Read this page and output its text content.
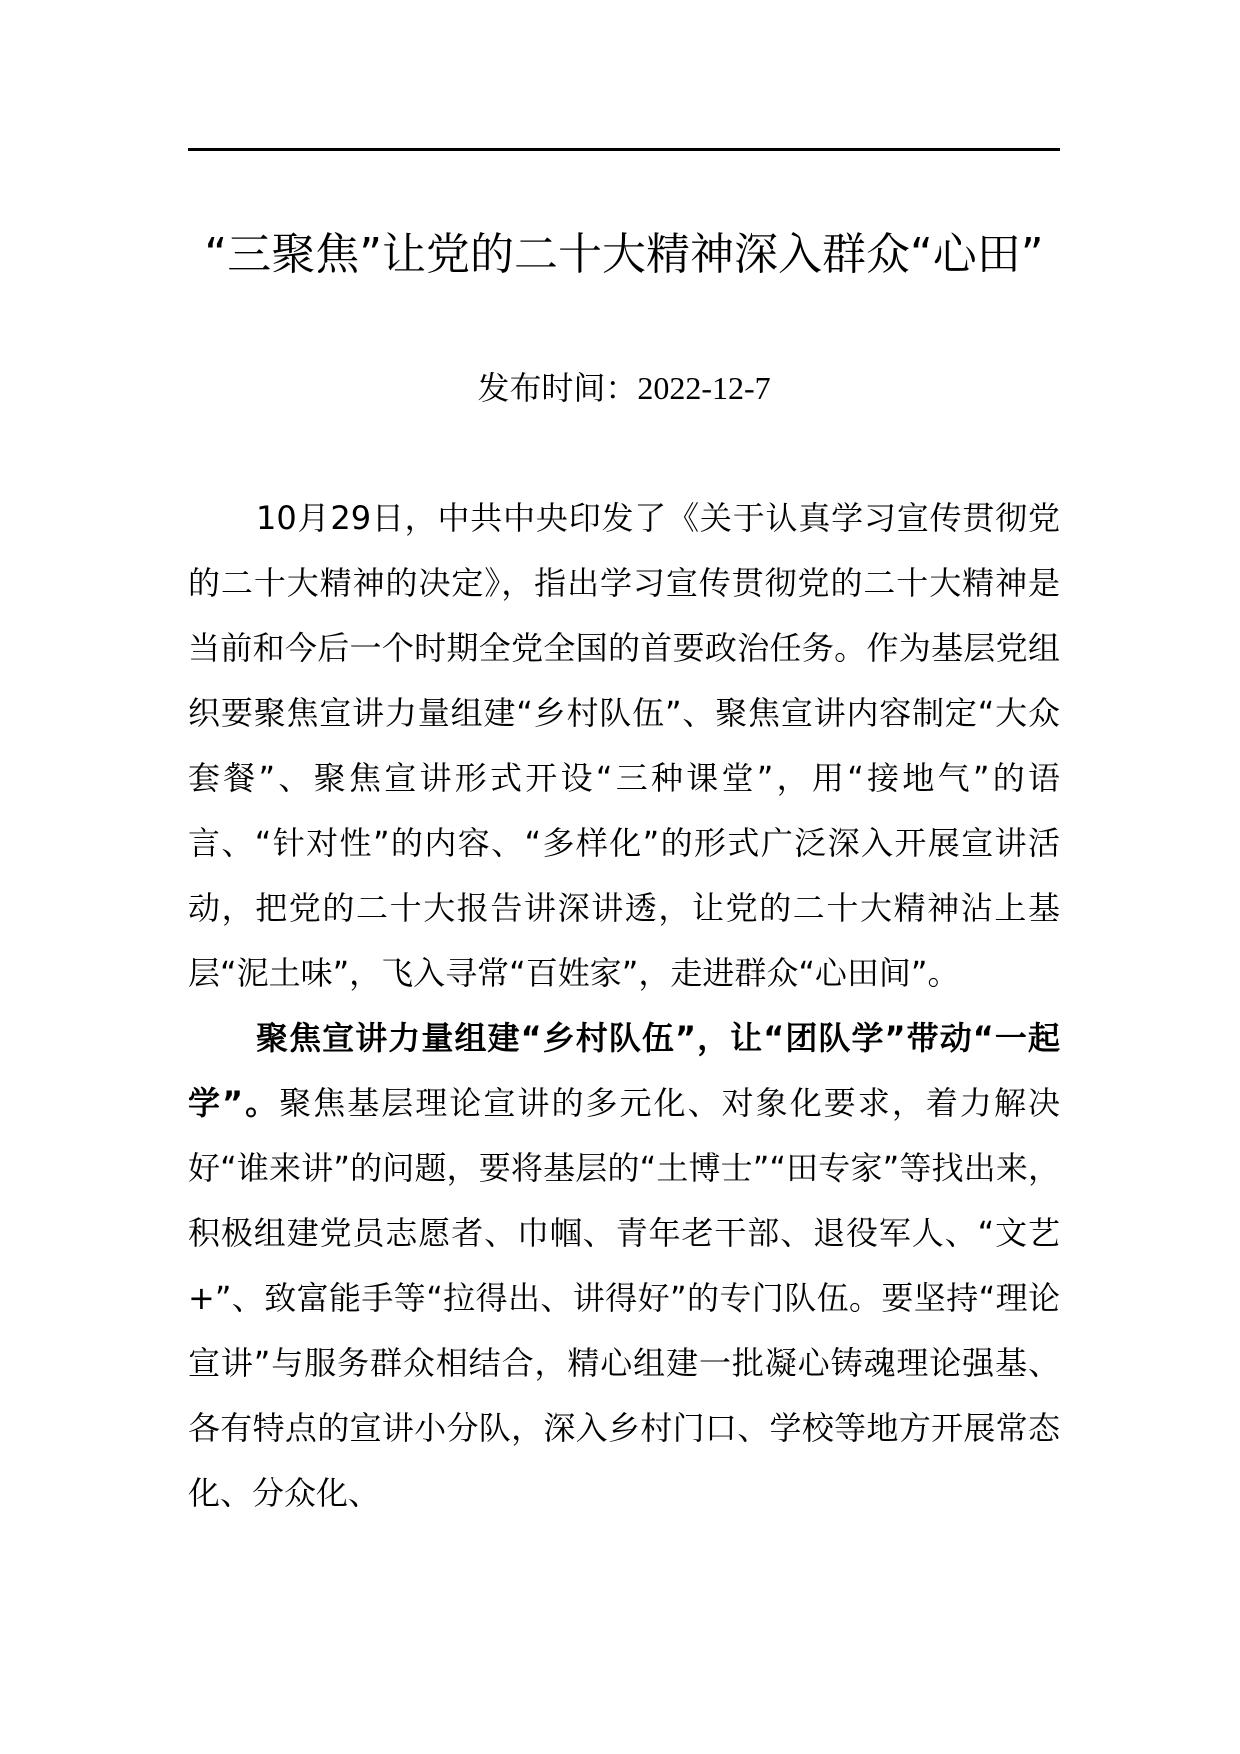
“三聚焦”让党的二十大精神深入群众“心田”
发布时间：2022-12-7

10月29日，中共中央印发了《关于认真学习宣传贯彻党的二十大精神的决定》，指出学习宣传贯彻党的二十大精神是当前和今后一个时期全党全国的首要政治任务。作为基层党组织要聚焦宣讲力量组建“乡村队伍”、聚焦宣讲内容制定“大众套餐”、聚焦宣讲形式开设“三种课堂”，用“接地气”的语言、“针对性”的内容、“多样化”的形式广泛深入开展宣讲活动，把党的二十大报告讲深讲透，让党的二十大精神沾上基层“泥土味”，飞入寻常“百姓家”，走进群众“心田间”。

聚焦宣讲力量组建“乡村队伍”，让“团队学”带动“一起学”。聚焦基层理论宣讲的多元化、对象化要求，着力解决好“谁来讲”的问题，要将基层的“土博士”“田专家”等找出来，积极组建党员志愿者、巾帼、青年老干部、退役军人、“文艺+”、致富能手等“拉得出、讲得好”的专门队伍。要坚持“理论宣讲”与服务群众相结合，精心组建一批凝心铸魂理论强基、各有特点的宣讲小分队，深入乡村门口、学校等地方开展常态化、分众化、
